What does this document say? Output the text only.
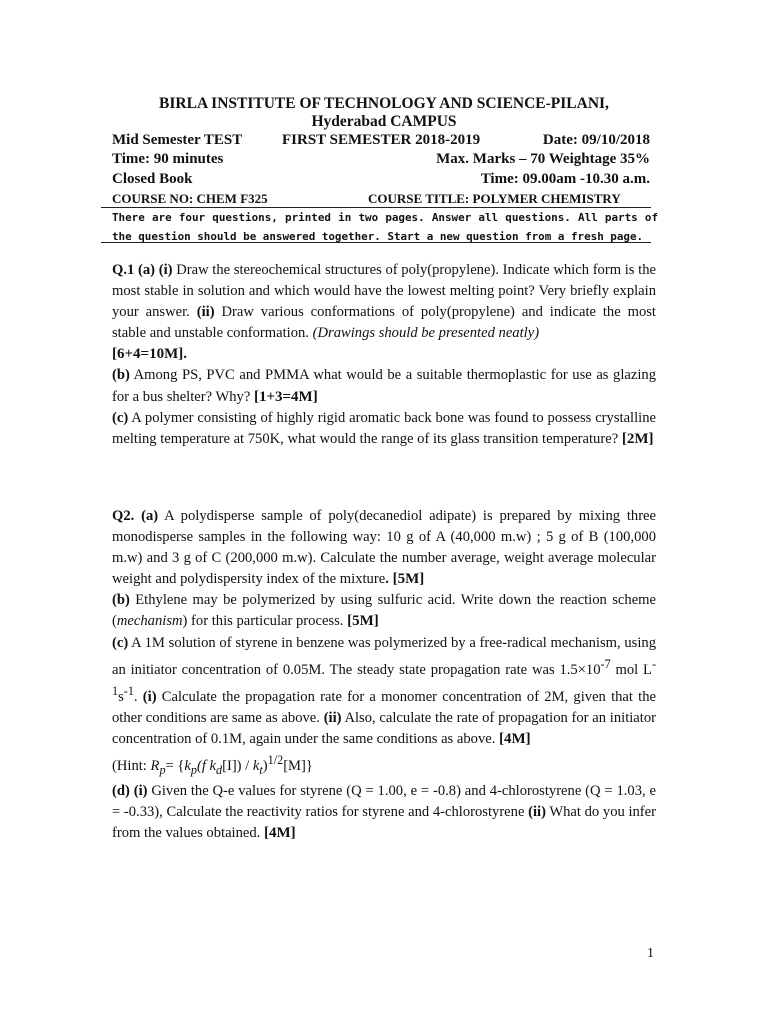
BIRLA INSTITUTE OF TECHNOLOGY AND SCIENCE-PILANI,
Hyderabad CAMPUS
Mid Semester TEST	FIRST SEMESTER 2018-2019	Date: 09/10/2018
Time: 90 minutes	Max. Marks – 70 Weightage 35%
Closed Book	Time: 09.00am -10.30 a.m.
COURSE NO: CHEM F325	COURSE TITLE: POLYMER CHEMISTRY
There are four questions, printed in two pages. Answer all questions. All parts of the question should be answered together. Start a new question from a fresh page.

Q.1 (a) (i) Draw the stereochemical structures of poly(propylene). Indicate which form is the most stable in solution and which would have the lowest melting point? Very briefly explain your answer. (ii) Draw various conformations of poly(propylene) and indicate the most stable and unstable conformation. (Drawings should be presented neatly)
[6+4=10M].

(b) Among PS, PVC and PMMA what would be a suitable thermoplastic for use as glazing for a bus shelter? Why? [1+3=4M]

(c) A polymer consisting of highly rigid aromatic back bone was found to possess crystalline melting temperature at 750K, what would the range of its glass transition temperature? [2M]

Q2. (a) A polydisperse sample of poly(decanediol adipate) is prepared by mixing three monodisperse samples in the following way: 10 g of A (40,000 m.w) ; 5 g of B (100,000 m.w) and 3 g of C (200,000 m.w). Calculate the number average, weight average molecular weight and polydispersity index of the mixture. [5M]

(b) Ethylene may be polymerized by using sulfuric acid. Write down the reaction scheme (mechanism) for this particular process. [5M]

(c) A 1M solution of styrene in benzene was polymerized by a free-radical mechanism, using an initiator concentration of 0.05M. The steady state propagation rate was $1.5\times 10^{-7}$ mol $L^{-1}s^{-1}$. (i) Calculate the propagation rate for a monomer concentration of 2M, given that the other conditions are same as above. (ii) Also, calculate the rate of propagation for an initiator concentration of 0.1M, again under the same conditions as above. [4M]

(Hint: $R_p= \{k_p(f$ $k_d[I]) / k_t)^{1/2}[M]$}

(d) (i) Given the Q-e values for styrene (Q = 1.00, e = -0.8) and 4-chlorostyrene (Q = 1.03, e = -0.33), Calculate the reactivity ratios for styrene and 4-chlorostyrene (ii) What do you infer from the values obtained. [4M]

1
